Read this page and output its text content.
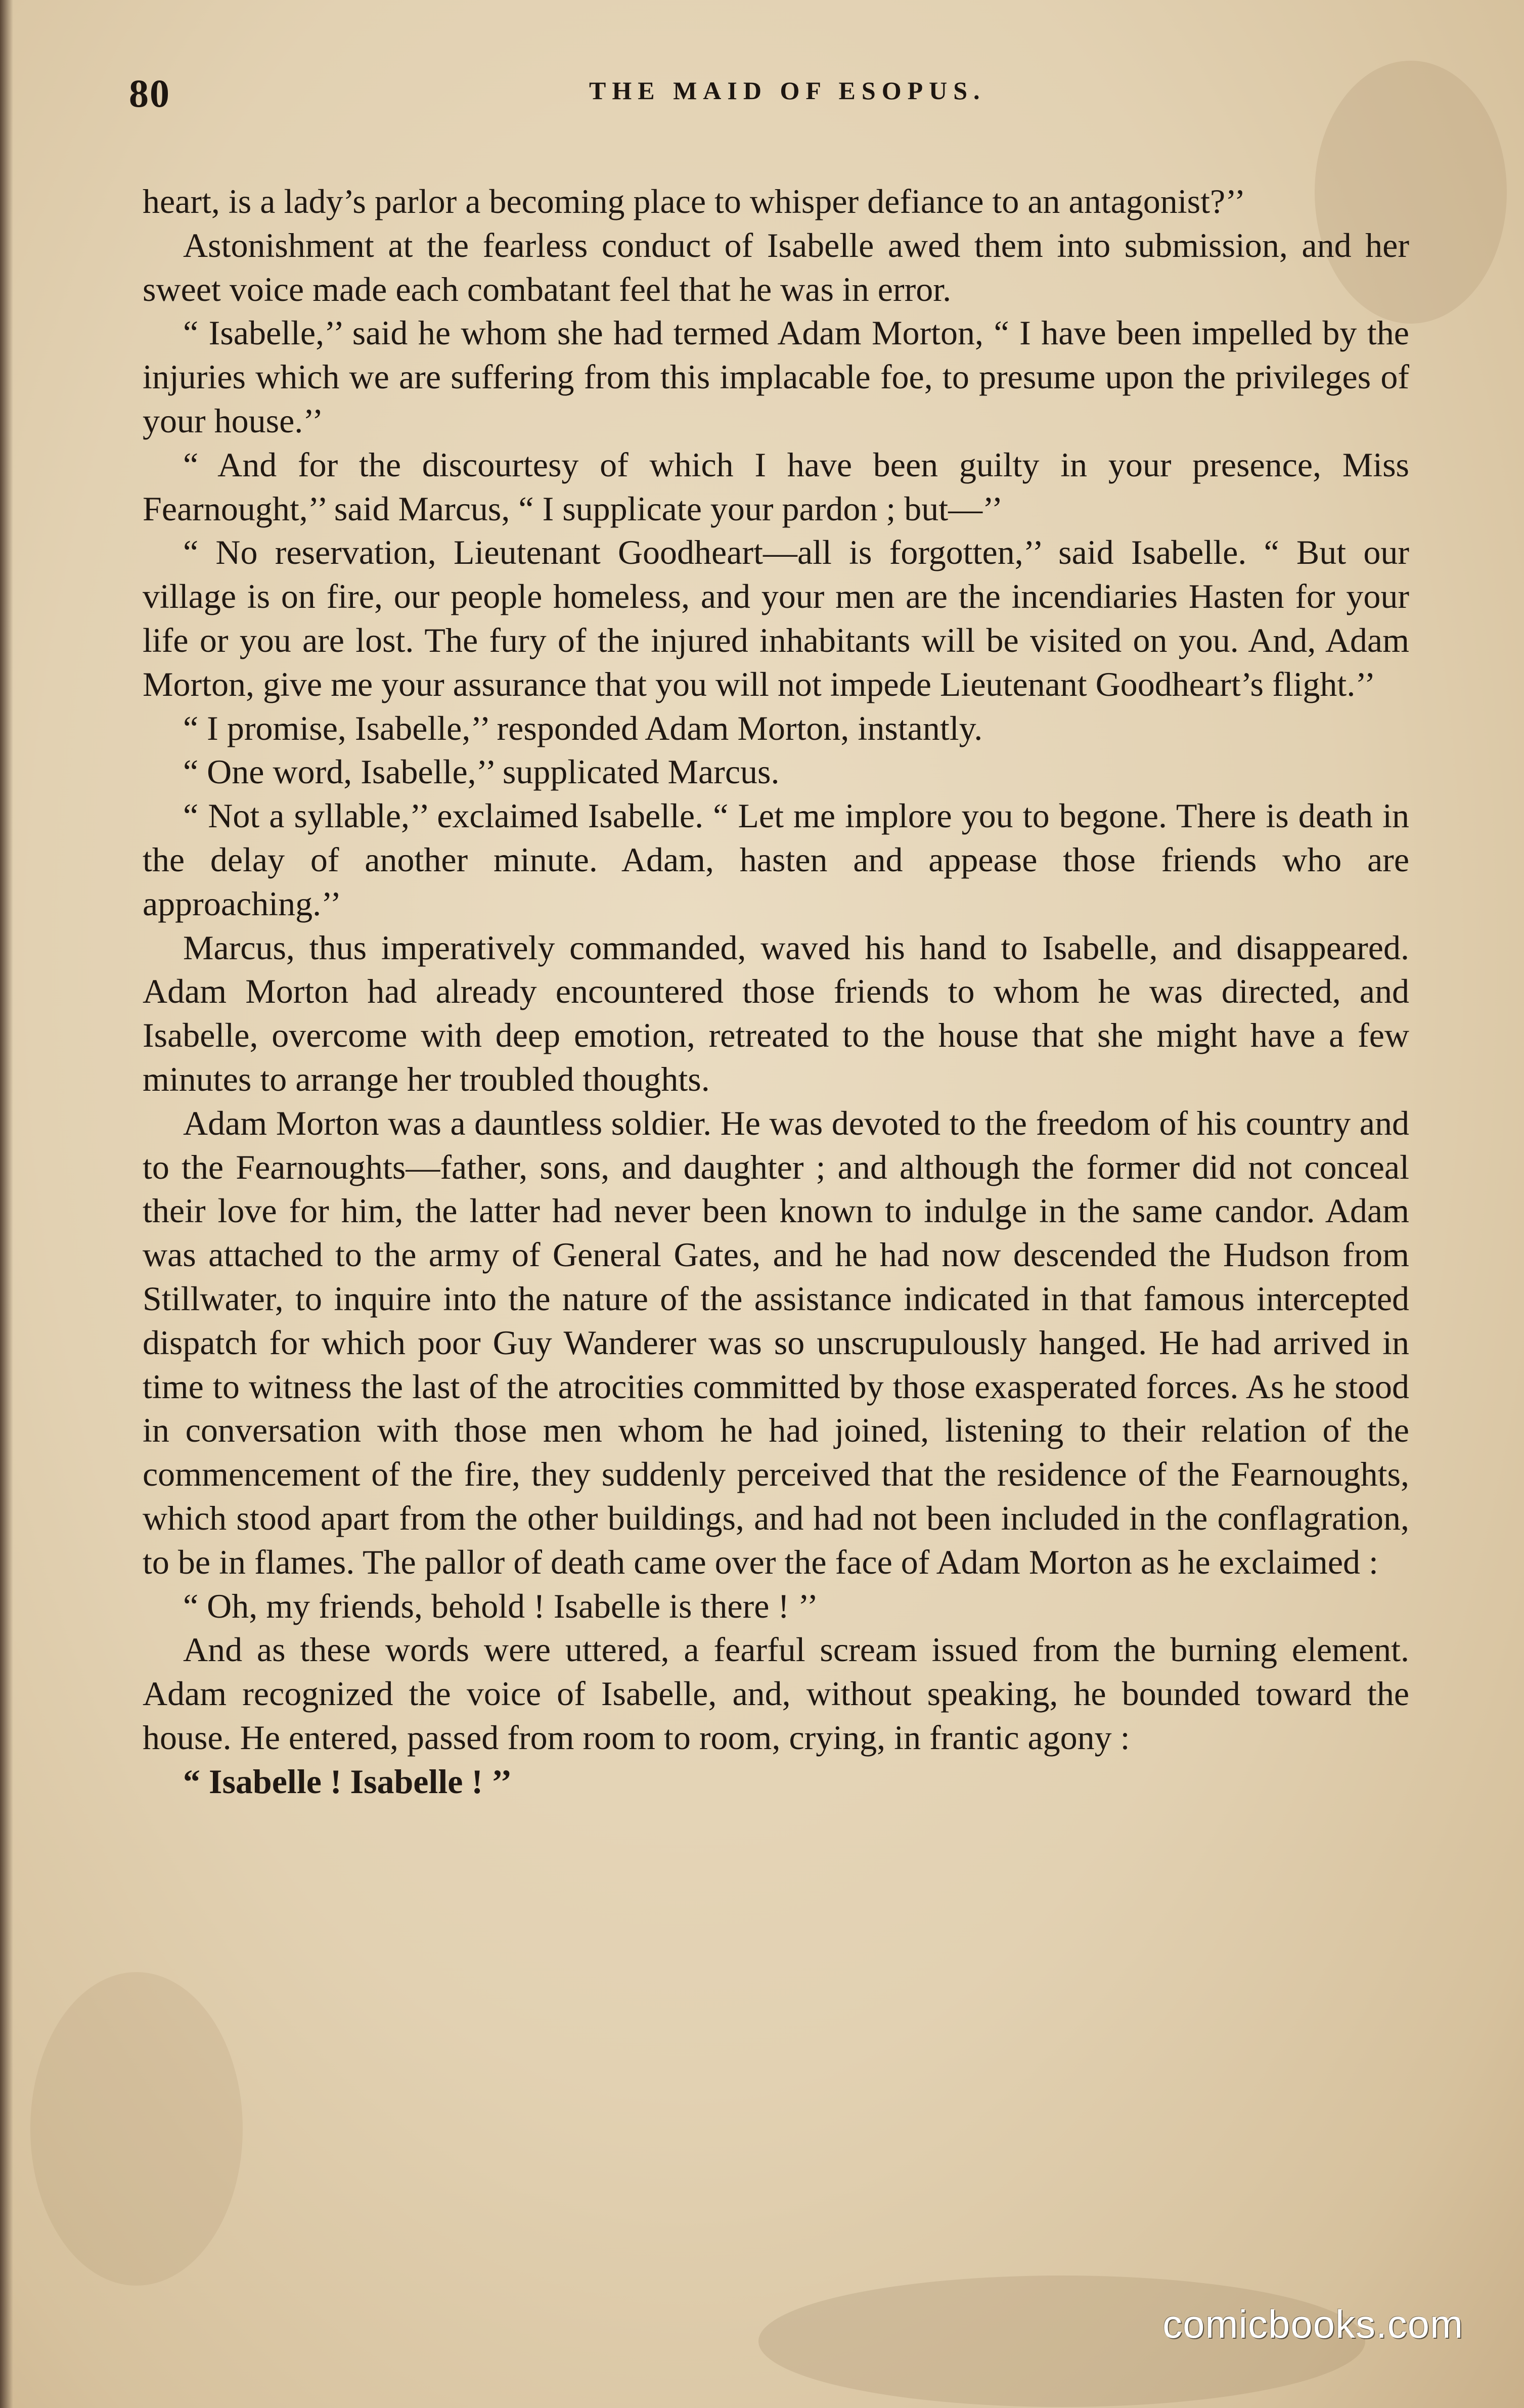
80	THE MAID OF ESOPUS.

heart, is a lady’s parlor a becoming place to whisper defiance to an antagonist?’’

Astonishment at the fearless conduct of Isabelle awed them into submission, and her sweet voice made each combatant feel that he was in error.

“ Isabelle,’’ said he whom she had termed Adam Morton, “ I have been impelled by the injuries which we are suffering from this implacable foe, to presume upon the privileges of your house.’’

“ And for the discourtesy of which I have been guilty in your presence, Miss Fearnought,’’ said Marcus, “ I supplicate your pardon ; but—’’

“ No reservation, Lieutenant Goodheart—all is forgotten,’’ said Isabelle. “ But our village is on fire, our people homeless, and your men are the incendiaries Hasten for your life or you are lost. The fury of the injured inhabitants will be visited on you. And, Adam Morton, give me your assurance that you will not impede Lieutenant Goodheart’s flight.’’

“ I promise, Isabelle,’’ responded Adam Morton, instantly.

“ One word, Isabelle,’’ supplicated Marcus.

“ Not a syllable,’’ exclaimed Isabelle. “ Let me implore you to begone. There is death in the delay of another minute. Adam, hasten and appease those friends who are approaching.’’

Marcus, thus imperatively commanded, waved his hand to Isabelle, and disappeared. Adam Morton had already encountered those friends to whom he was directed, and Isabelle, overcome with deep emotion, retreated to the house that she might have a few minutes to arrange her troubled thoughts.

Adam Morton was a dauntless soldier. He was devoted to the freedom of his country and to the Fearnoughts—father, sons, and daughter ; and although the former did not conceal their love for him, the latter had never been known to indulge in the same candor. Adam was attached to the army of General Gates, and he had now descended the Hudson from Stillwater, to inquire into the nature of the assistance indicated in that famous intercepted dispatch for which poor Guy Wanderer was so unscrupulously hanged. He had arrived in time to witness the last of the atrocities committed by those exasperated forces. As he stood in conversation with those men whom he had joined, listening to their relation of the commencement of the fire, they suddenly perceived that the residence of the Fearnoughts, which stood apart from the other buildings, and had not been included in the conflagration, to be in flames. The pallor of death came over the face of Adam Morton as he exclaimed :

“ Oh, my friends, behold ! Isabelle is there ! ’’

And as these words were uttered, a fearful scream issued from the burning element. Adam recognized the voice of Isabelle, and, without speaking, he bounded toward the house. He entered, passed from room to room, crying, in frantic agony :

“ Isabelle ! Isabelle ! ’’

comicbooks.com
